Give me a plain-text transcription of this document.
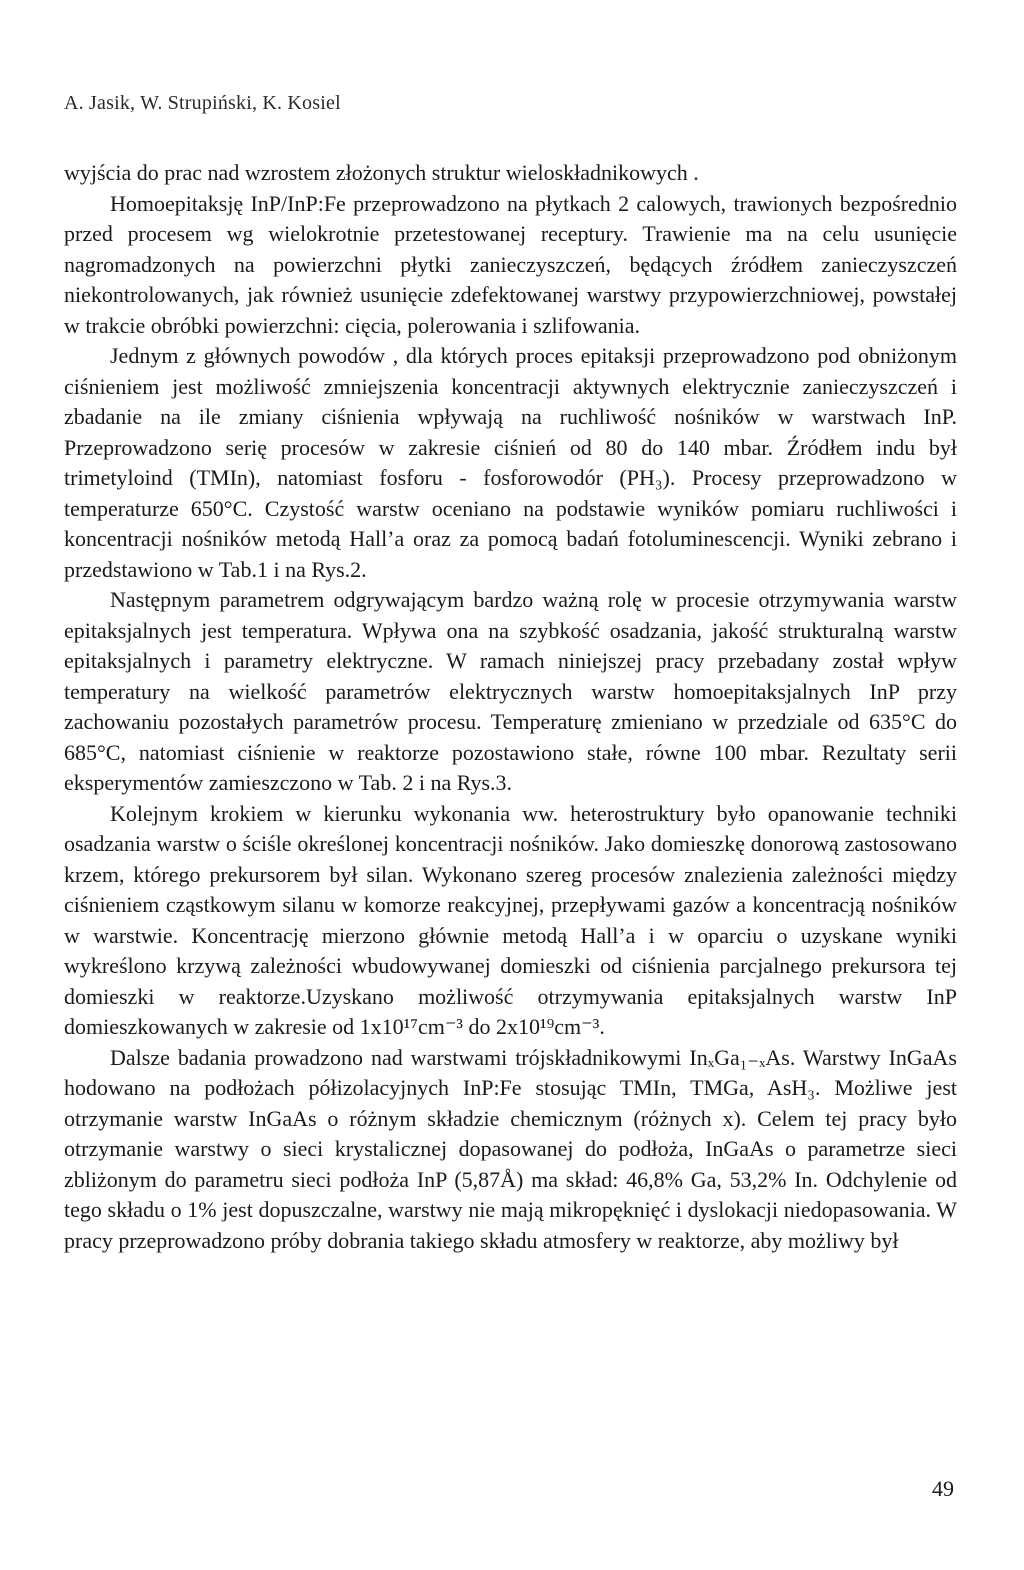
A. Jasik, W. Strupiński, K. Kosiel

wyjścia do prac nad wzrostem złożonych struktur wieloskładnikowych .

Homoepitaksję InP/InP:Fe przeprowadzono na płytkach 2 calowych, trawionych bezpośrednio przed procesem wg wielokrotnie przetestowanej receptury. Trawienie ma na celu usunięcie nagromadzonych na powierzchni płytki zanieczyszczeń, będących źródłem zanieczyszczeń niekontrolowanych, jak również usunięcie zdefektowanej warstwy przypowierzchniowej, powstałej w trakcie obróbki powierzchni: cięcia, polerowania i szlifowania.

Jednym z głównych powodów , dla których proces epitaksji przeprowadzono pod obniżonym ciśnieniem jest możliwość zmniejszenia koncentracji aktywnych elektrycznie zanieczyszczeń i zbadanie na ile zmiany ciśnienia wpływają na ruchliwość nośników w warstwach InP. Przeprowadzono serię procesów w zakresie ciśnień od 80 do 140 mbar. Źródłem indu był trimetyloind (TMIn), natomiast fosforu - fosforowodór (PH₃). Procesy przeprowadzono w temperaturze 650°C. Czystość warstw oceniano na podstawie wyników pomiaru ruchliwości i koncentracji nośników metodą Hall’a oraz za pomocą badań fotoluminescencji. Wyniki zebrano i przedstawiono w Tab.1 i na Rys.2.

Następnym parametrem odgrywającym bardzo ważną rolę w procesie otrzymywania warstw epitaksjalnych jest temperatura. Wpływa ona na szybkość osadzania, jakość strukturalną warstw epitaksjalnych i parametry elektryczne. W ramach niniejszej pracy przebadany został wpływ temperatury na wielkość parametrów elektrycznych warstw homoepitaksjalnych InP przy zachowaniu pozostałych parametrów procesu. Temperaturę zmieniano w przedziale od 635°C do 685°C, natomiast ciśnienie w reaktorze pozostawiono stałe, równe 100 mbar. Rezultaty serii eksperymentów zamieszczono w Tab. 2 i na Rys.3.

Kolejnym krokiem w kierunku wykonania ww. heterostruktury było opanowanie techniki osadzania warstw o ściśle określonej koncentracji nośników. Jako domieszkę donorową zastosowano krzem, którego prekursorem był silan. Wykonano szereg procesów znalezienia zależności między ciśnieniem cząstkowym silanu w komorze reakcyjnej, przepływami gazów a koncentracją nośników w warstwie. Koncentrację mierzono głównie metodą Hall’a i w oparciu o uzyskane wyniki wykreślono krzywą zależności wbudowywanej domieszki od ciśnienia parcjalnego prekursora tej domieszki w reaktorze.Uzyskano możliwość otrzymywania epitaksjalnych warstw InP domieszkowanych w zakresie od 1x10¹⁷cm⁻³ do 2x10¹⁹cm⁻³.

Dalsze badania prowadzono nad warstwami trójskładnikowymi InₓGa₁₋ₓAs. Warstwy InGaAs hodowano na podłożach półizolacyjnych InP:Fe stosując TMIn, TMGa, AsH₃. Możliwe jest otrzymanie warstw InGaAs o różnym składzie chemicznym (różnych x). Celem tej pracy było otrzymanie warstwy o sieci krystalicznej dopasowanej do podłoża, InGaAs o parametrze sieci zbliżonym do parametru sieci podłoża InP (5,87Å) ma skład: 46,8% Ga, 53,2% In. Odchylenie od tego składu o 1% jest dopuszczalne, warstwy nie mają mikropęknięć i dyslokacji niedopasowania. W pracy przeprowadzono próby dobrania takiego składu atmosfery w reaktorze, aby możliwy był

49
